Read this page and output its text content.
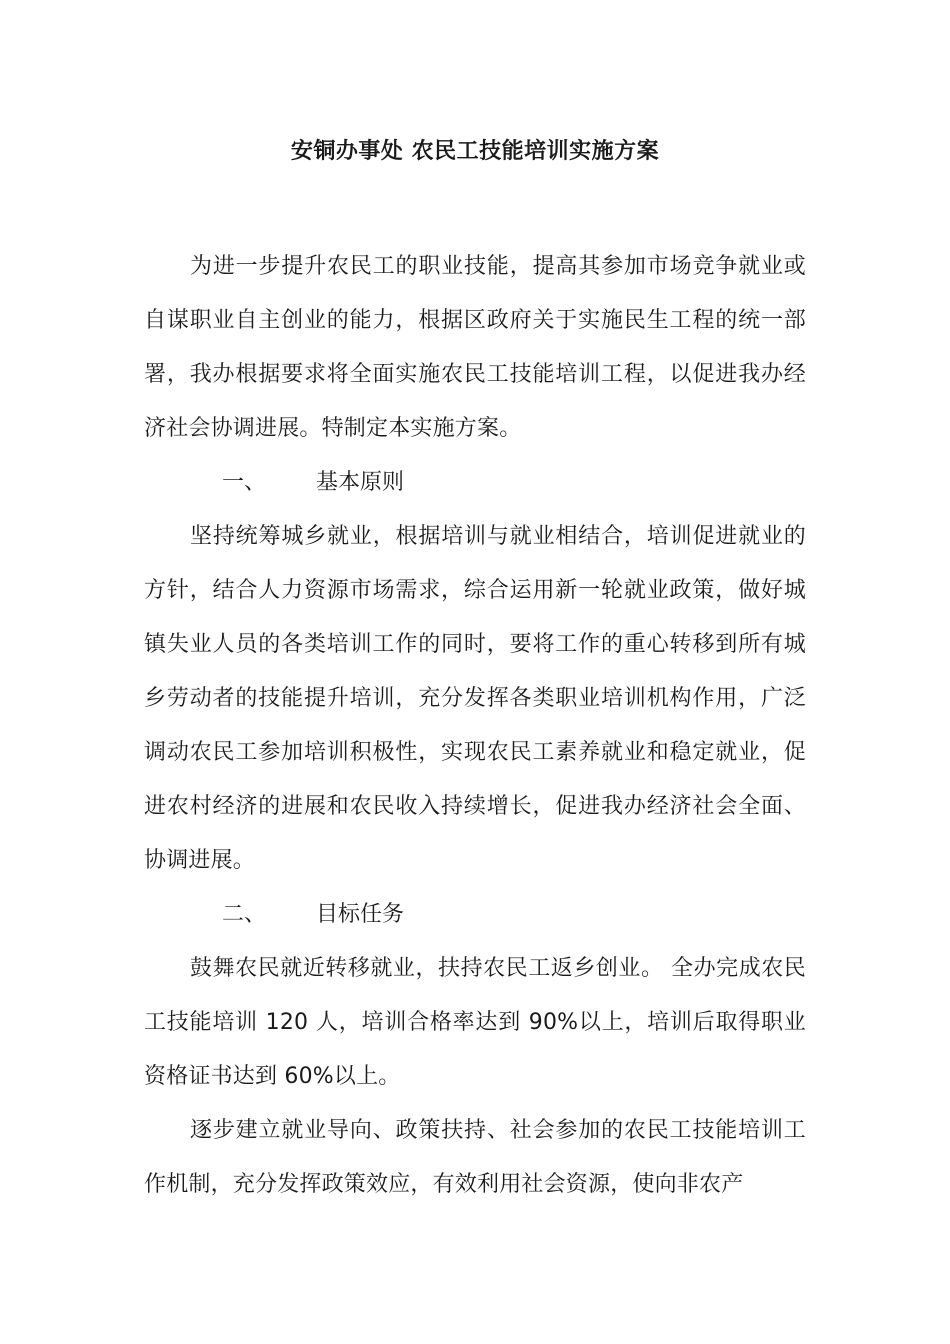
安铜办事处 农民工技能培训实施方案

为进一步提升农民工的职业技能，提高其参加市场竞争就业或自谋职业自主创业的能力，根据区政府关于实施民生工程的统一部署，我办根据要求将全面实施农民工技能培训工程，以促进我办经济社会协调进展。特制定本实施方案。

一、 基本原则

坚持统筹城乡就业，根据培训与就业相结合，培训促进就业的方针，结合人力资源市场需求，综合运用新一轮就业政策，做好城镇失业人员的各类培训工作的同时，要将工作的重心转移到所有城乡劳动者的技能提升培训，充分发挥各类职业培训机构作用，广泛调动农民工参加培训积极性，实现农民工素养就业和稳定就业，促进农村经济的进展和农民收入持续增长，促进我办经济社会全面、协调进展。

二、 目标任务

鼓舞农民就近转移就业，扶持农民工返乡创业。 全办完成农民工技能培训 120 人，培训合格率达到 90%以上，培训后取得职业资格证书达到 60%以上。

逐步建立就业导向、政策扶持、社会参加的农民工技能培训工作机制，充分发挥政策效应，有效利用社会资源，使向非农产
